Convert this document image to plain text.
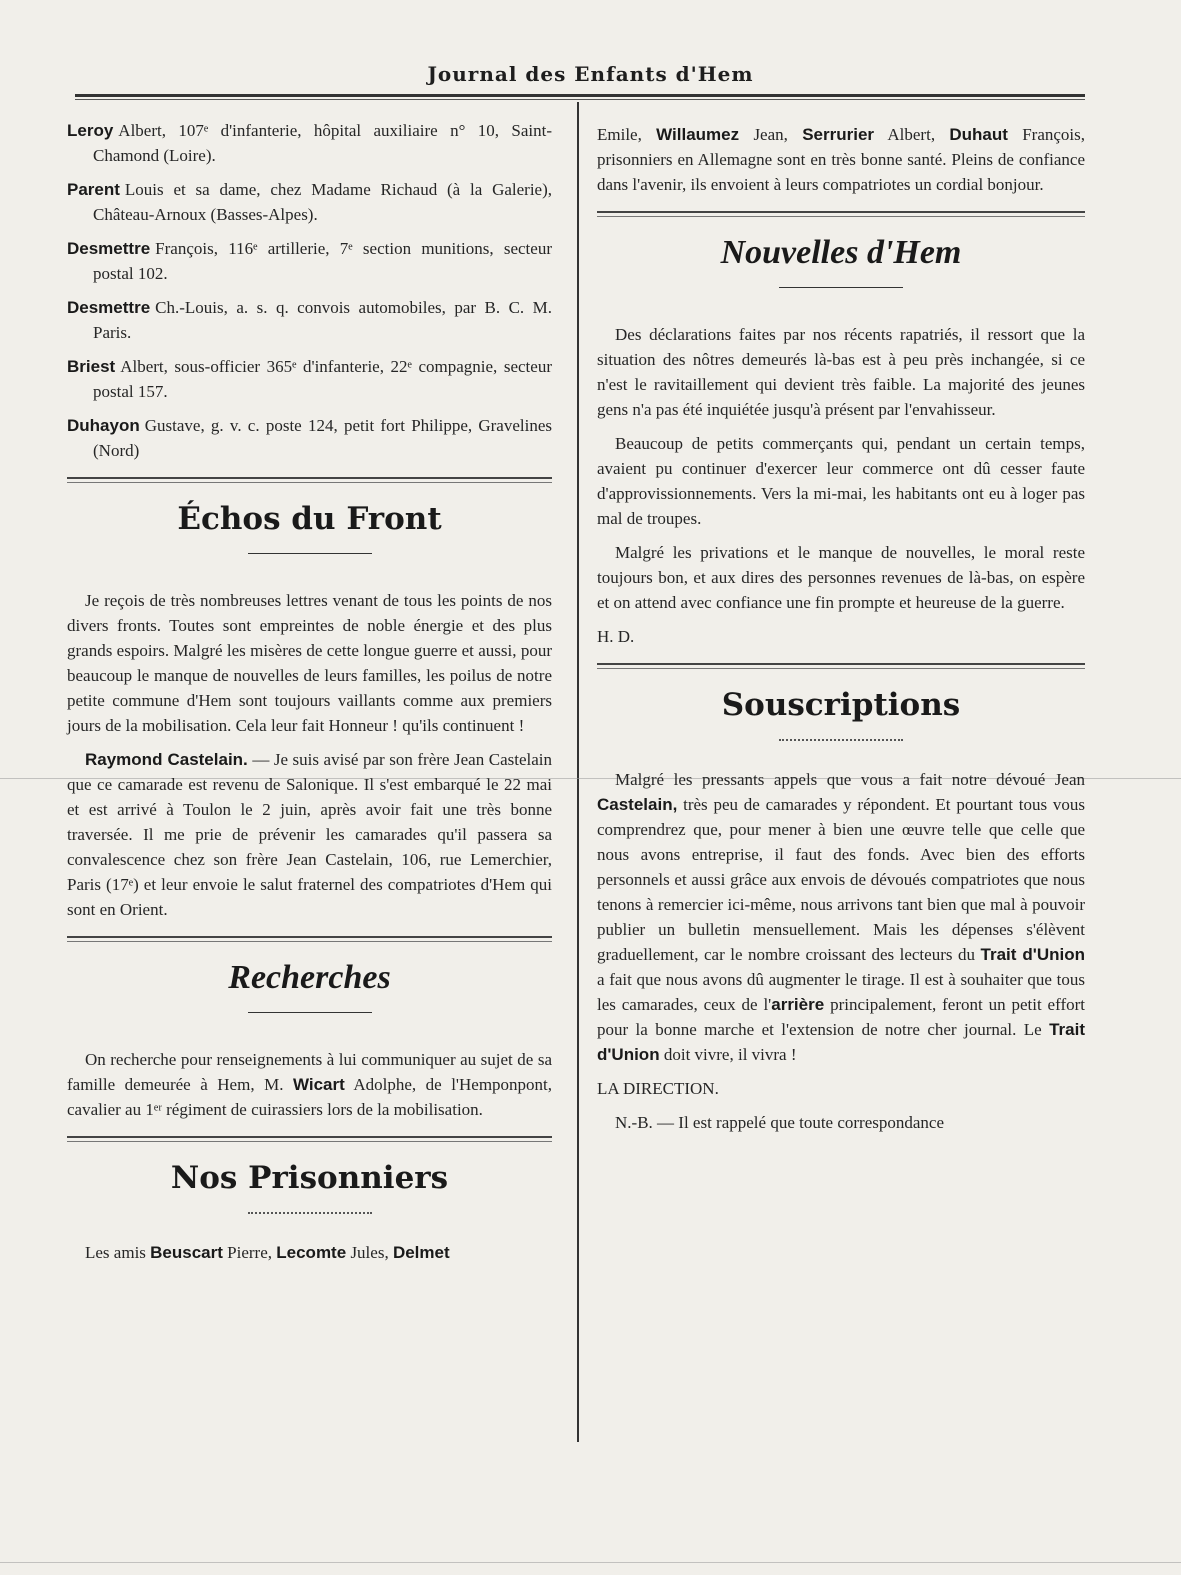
Journal des Enfants d'Hem

Leroy Albert, 107ᵉ d'infanterie, hôpital auxiliaire n° 10, Saint-Chamond (Loire).

Parent Louis et sa dame, chez Madame Richaud (à la Galerie), Château-Arnoux (Basses-Alpes).

Desmettre François, 116ᵉ artillerie, 7ᵉ section munitions, secteur postal 102.

Desmettre Ch.-Louis, a. s. q. convois automobiles, par B. C. M. Paris.

Briest Albert, sous-officier 365ᵉ d'infanterie, 22ᵉ compagnie, secteur postal 157.

Duhayon Gustave, g. v. c. poste 124, petit fort Philippe, Gravelines (Nord)

Échos du Front

Je reçois de très nombreuses lettres venant de tous les points de nos divers fronts. Toutes sont empreintes de noble énergie et des plus grands espoirs. Malgré les misères de cette longue guerre et aussi, pour beaucoup le manque de nouvelles de leurs familles, les poilus de notre petite commune d'Hem sont toujours vaillants comme aux premiers jours de la mobilisation. Cela leur fait Honneur ! qu'ils continuent !

Raymond Castelain. — Je suis avisé par son frère Jean Castelain que ce camarade est revenu de Salonique. Il s'est embarqué le 22 mai et est arrivé à Toulon le 2 juin, après avoir fait une très bonne traversée. Il me prie de prévenir les camarades qu'il passera sa convalescence chez son frère Jean Castelain, 106, rue Lemerchier, Paris (17ᵉ) et leur envoie le salut fraternel des compatriotes d'Hem qui sont en Orient.

Recherches

On recherche pour renseignements à lui communiquer au sujet de sa famille demeurée à Hem, M. Wicart Adolphe, de l'Hemponpont, cavalier au 1ᵉʳ régiment de cuirassiers lors de la mobilisation.

Nos Prisonniers

Les amis Beuscart Pierre, Lecomte Jules, Delmet

Emile, Willaumez Jean, Serrurier Albert, Duhaut François, prisonniers en Allemagne sont en très bonne santé. Pleins de confiance dans l'avenir, ils envoient à leurs compatriotes un cordial bonjour.

Nouvelles d'Hem

Des déclarations faites par nos récents rapatriés, il ressort que la situation des nôtres demeurés là-bas est à peu près inchangée, si ce n'est le ravitaillement qui devient très faible. La majorité des jeunes gens n'a pas été inquiétée jusqu'à présent par l'envahisseur.

Beaucoup de petits commerçants qui, pendant un certain temps, avaient pu continuer d'exercer leur commerce ont dû cesser faute d'approvissionnements. Vers la mi-mai, les habitants ont eu à loger pas mal de troupes.

Malgré les privations et le manque de nouvelles, le moral reste toujours bon, et aux dires des personnes revenues de là-bas, on espère et on attend avec confiance une fin prompte et heureuse de la guerre.

H. D.

Souscriptions

Malgré les pressants appels que vous a fait notre dévoué Jean Castelain, très peu de camarades y répondent. Et pourtant tous vous comprendrez que, pour mener à bien une œuvre telle que celle que nous avons entreprise, il faut des fonds. Avec bien des efforts personnels et aussi grâce aux envois de dévoués compatriotes que nous tenons à remercier ici-même, nous arrivons tant bien que mal à pouvoir publier un bulletin mensuellement. Mais les dépenses s'élèvent graduellement, car le nombre croissant des lecteurs du Trait d'Union a fait que nous avons dû augmenter le tirage. Il est à souhaiter que tous les camarades, ceux de l'arrière principalement, feront un petit effort pour la bonne marche et l'extension de notre cher journal. Le Trait d'Union doit vivre, il vivra !

LA DIRECTION.

N.-B. — Il est rappelé que toute correspondance
